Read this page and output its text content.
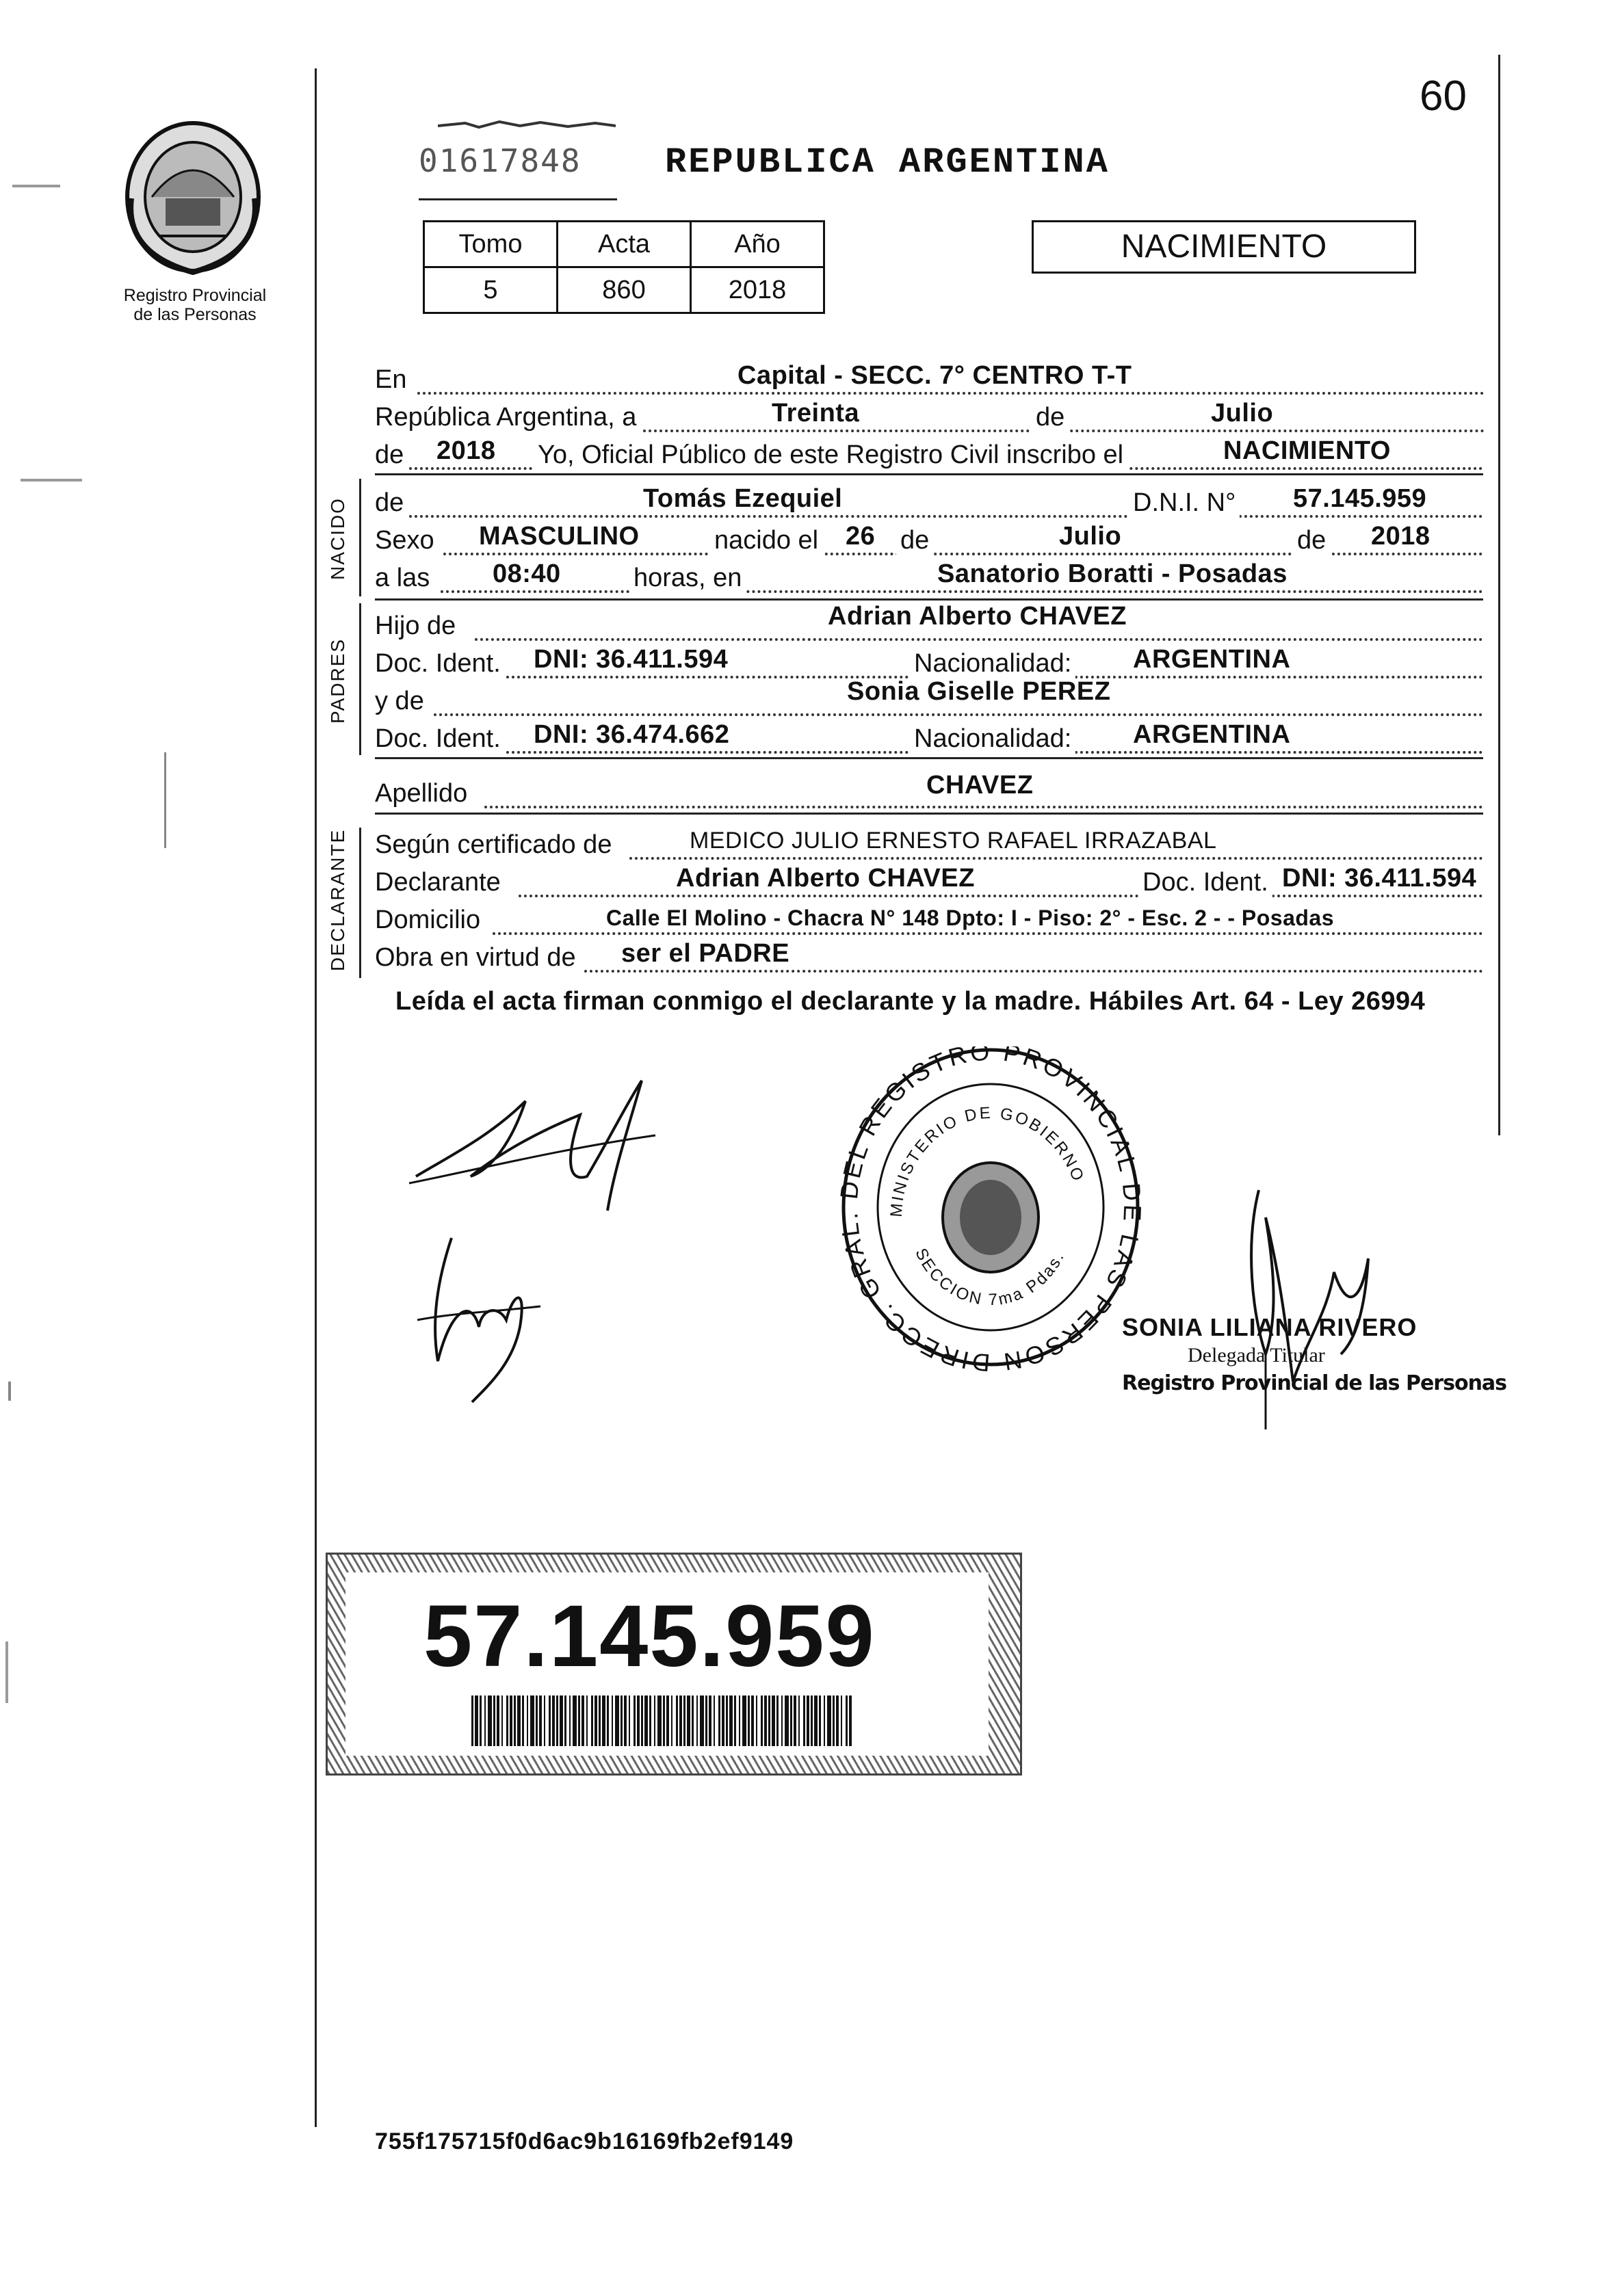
60
Registro Provincial
de las Personas
01617848 REPUBLICA ARGENTINA
Tomo	Acta	Año
5	860	2018
NACIMIENTO
En	Capital - SECC. 7° CENTRO T-T
República Argentina, a	Treinta	de	Julio
de 2018 Yo, Oficial Público de este Registro Civil inscribo el	NACIMIENTO
NACIDO de	Tomás Ezequiel	D.N.I. N° 57.145.959
Sexo MASCULINO	nacido el 26 de	Julio	de 2018
a las 08:40	horas, en	Sanatorio Boratti - Posadas
PADRES
Hijo de	Adrian Alberto CHAVEZ
Doc. Ident. DNI: 36.411.594	Nacionalidad: ARGENTINA
y de	Sonia Giselle PEREZ
Doc. Ident. DNI: 36.474.662	Nacionalidad: ARGENTINA
Apellido	CHAVEZ
DECLARANTE Según certificado de	MEDICO JULIO ERNESTO RAFAEL IRRAZABAL
Declarante	Adrian Alberto CHAVEZ	Doc. Ident. DNI: 36.411.594
Domicilio	Calle El Molino - Chacra N° 148 Dpto: I - Piso: 2° - Esc. 2 - - Posadas
Obra en virtud de ser el PADRE
Leída el acta firman conmigo el declarante y la madre. Hábiles Art. 64 - Ley 26994
DIRECC. GRA EL REGISTRO PROVINCIAL AS PERSON
MINISTERIO DE GOBIERNO
SECCION 7ma Pdas.
SONIA LILIANA RIVERO
Delegada Titular
Registro Provincial de las Personas
57.145.959
755f175715f0d6ac9b16169fb2ef9149
